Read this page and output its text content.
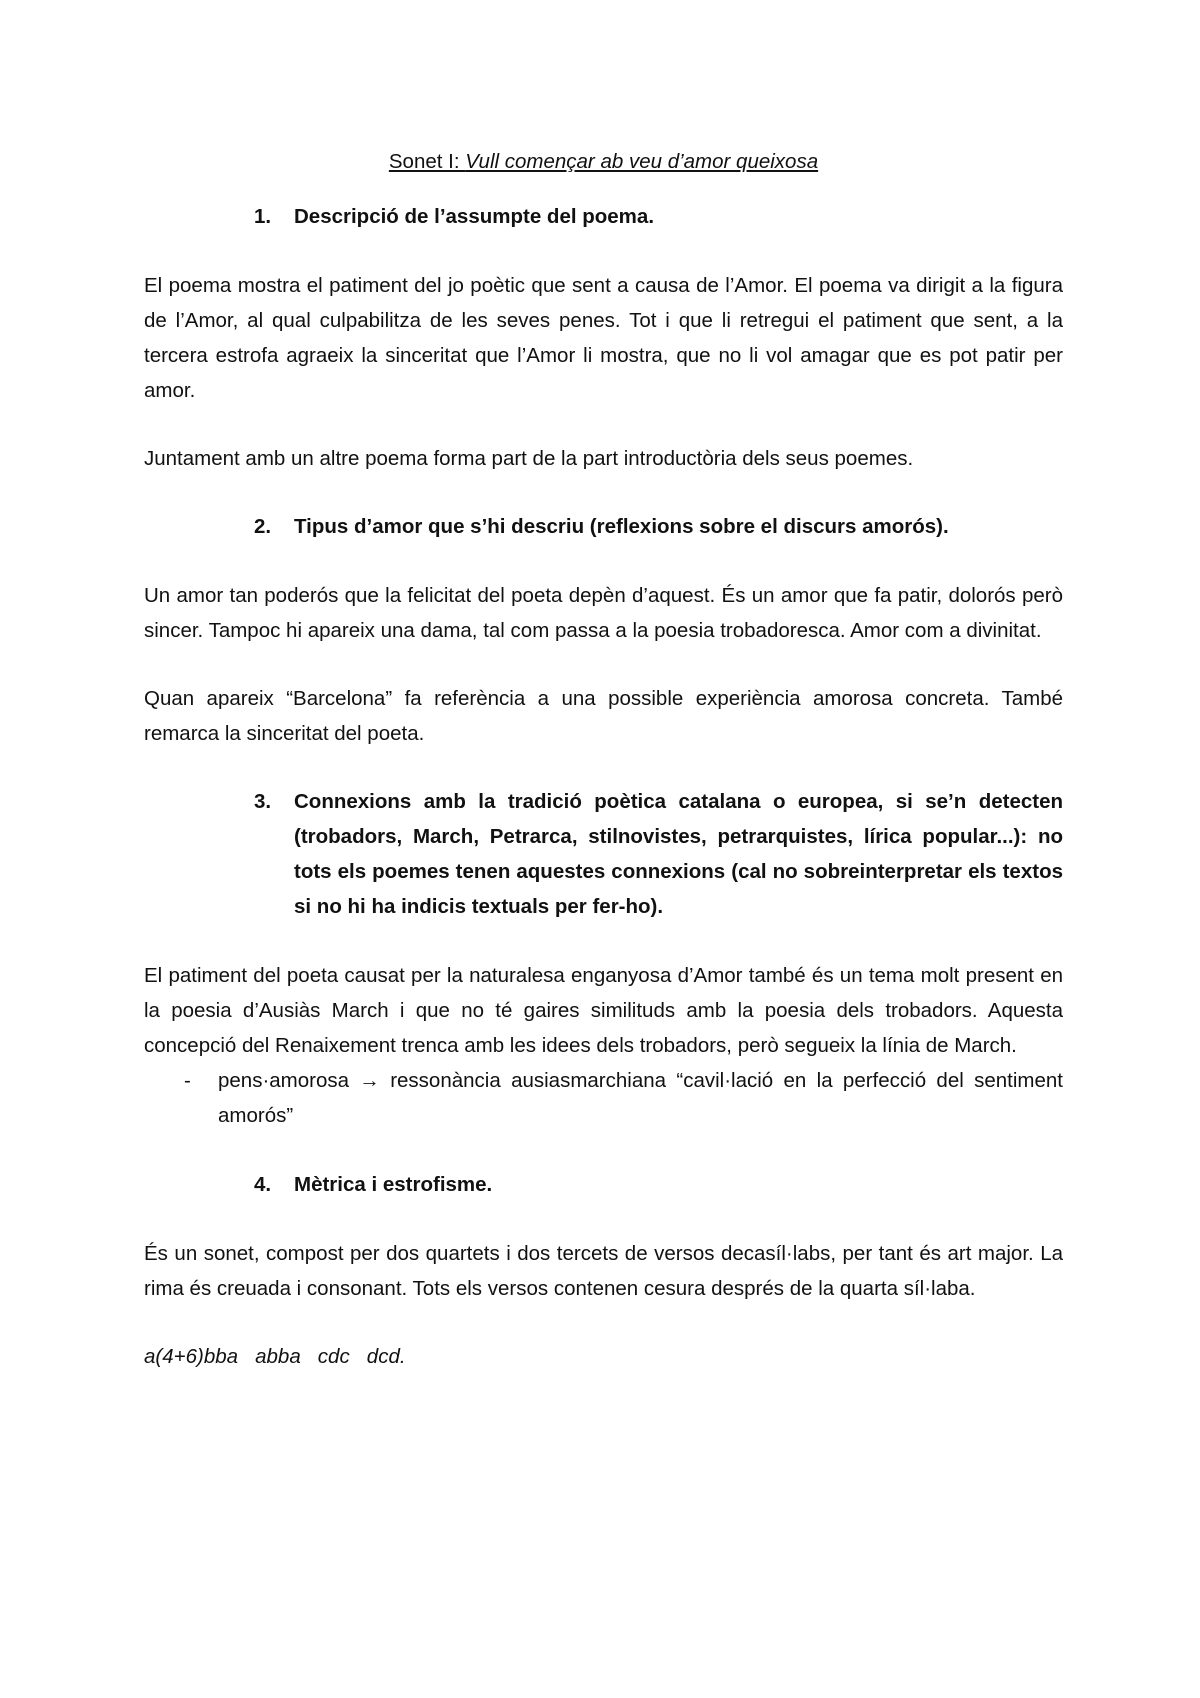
Sonet I: Vull començar ab veu d’amor queixosa
1.	Descripció de l’assumpte del poema.

El poema mostra el patiment del jo poètic que sent a causa de l’Amor. El poema va dirigit a la figura de l’Amor, al qual culpabilitza de les seves penes. Tot i que li retregui el patiment que sent, a la tercera estrofa agraeix la sinceritat que l’Amor li mostra, que no li vol amagar que es pot patir per amor.

Juntament amb un altre poema forma part de la part introductòria dels seus poemes.

2.	Tipus d’amor que s’hi descriu (reflexions sobre el discurs amorós).

Un amor tan poderós que la felicitat del poeta depèn d’aquest. És un amor que fa patir, dolorós però sincer. Tampoc hi apareix una dama, tal com passa a la poesia trobadoresca. Amor com a divinitat.

Quan apareix “Barcelona” fa referència a una possible experiència amorosa concreta. També remarca la sinceritat del poeta.

3.	Connexions amb la tradició poètica catalana o europea, si se’n detecten (trobadors, March, Petrarca, stilnovistes, petrarquistes, lírica popular...): no tots els poemes tenen aquestes connexions (cal no sobreinterpretar els textos si no hi ha indicis textuals per fer-ho).

El patiment del poeta causat per la naturalesa enganyosa d’Amor també és un tema molt present en la poesia d’Ausiàs March i que no té gaires similituds amb la poesia dels trobadors. Aquesta concepció del Renaixement trenca amb les idees dels trobadors, però segueix la línia de March.

-	pens·amorosa → ressonància ausiasmarchiana “cavil·lació en la perfecció del sentiment amorós”
4.	Mètrica i estrofisme.

És un sonet, compost per dos quartets i dos tercets de versos decasíl·labs, per tant és art major. La rima és creuada i consonant. Tots els versos contenen cesura després de la quarta síl·laba.

a(4+6)bba   abba   cdc   dcd.
